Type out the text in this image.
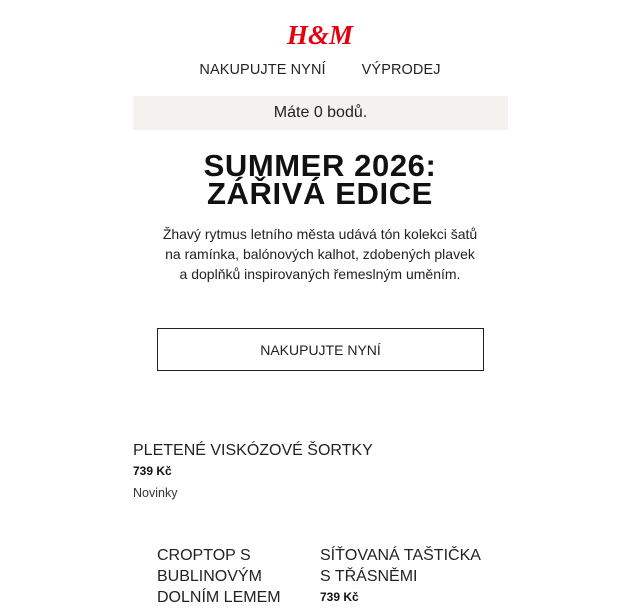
H&M
NAKUPUJTE NYNÍ VÝPRODEJ
Máte 0 bodů.
SUMMER 2026:
ZÁŘIVÁ EDICE

Žhavý rytmus letního města udává tón kolekci šatů na ramínka, balónových kalhot, zdobených plavek a doplňků inspirovaných řemeslným uměním.

NAKUPUJTE NYNÍ
PLETENÉ VISKÓZOVÉ ŠORTKY
739 Kč
Novinky
CROPTOP S BUBLINOVÝM DOLNÍM LEMEM
SÍŤOVANÁ TAŠTIČKA S TŘÁSNĚMI
739 Kč
